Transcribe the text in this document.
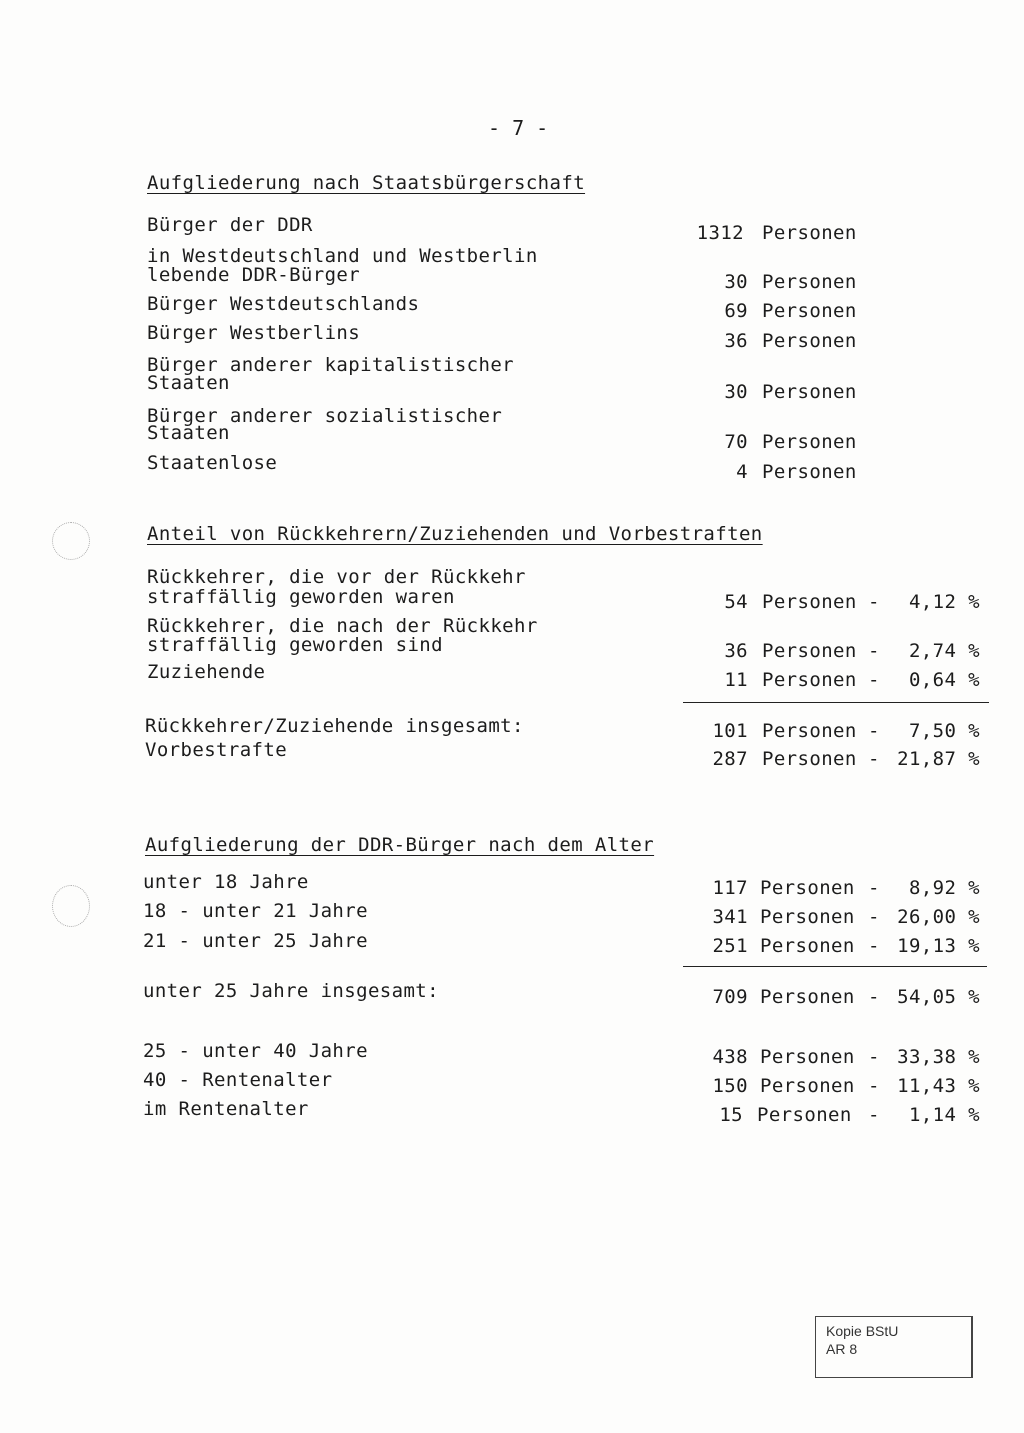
- 7 -
Aufgliederung nach Staatsbürgerschaft
Bürger der DDR	1312 Personen
in Westdeutschland und Westberlin
lebende DDR-Bürger	30 Personen
Bürger Westdeutschlands	69 Personen
Bürger Westberlins	36 Personen
Bürger anderer kapitalistischer
Staaten	30 Personen
Bürger anderer sozialistischer
Staaten	70 Personen
Staatenlose	4 Personen
Anteil von Rückkehrern/Zuziehenden und Vorbestraften
Rückkehrer, die vor der Rückkehr
straffällig geworden waren	54 Personen -	4,12 %
Rückkehrer, die nach der Rückkehr
straffällig geworden sind	36 Personen -	2,74 %
Zuziehende	11 Personen -	0,64 %
Rückkehrer/Zuziehende insgesamt:	101 Personen -	7,50 %
Vorbestrafte	287 Personen - 21,87 %
Aufgliederung der DDR-Bürger nach dem Alter
unter 18 Jahre	117 Personen -	8,92 %
18 - unter 21 Jahre	341 Personen - 26,00 %
21 - unter 25 Jahre	251 Personen - 19,13 %
unter 25 Jahre insgesamt:	709 Personen - 54,05 %
25 - unter 40 Jahre	438 Personen - 33,38 %
40 - Rentenalter	150 Personen - 11,43 %
im Rentenalter	15 Personen -	1,14 %
Kopie BStU
AR 8
